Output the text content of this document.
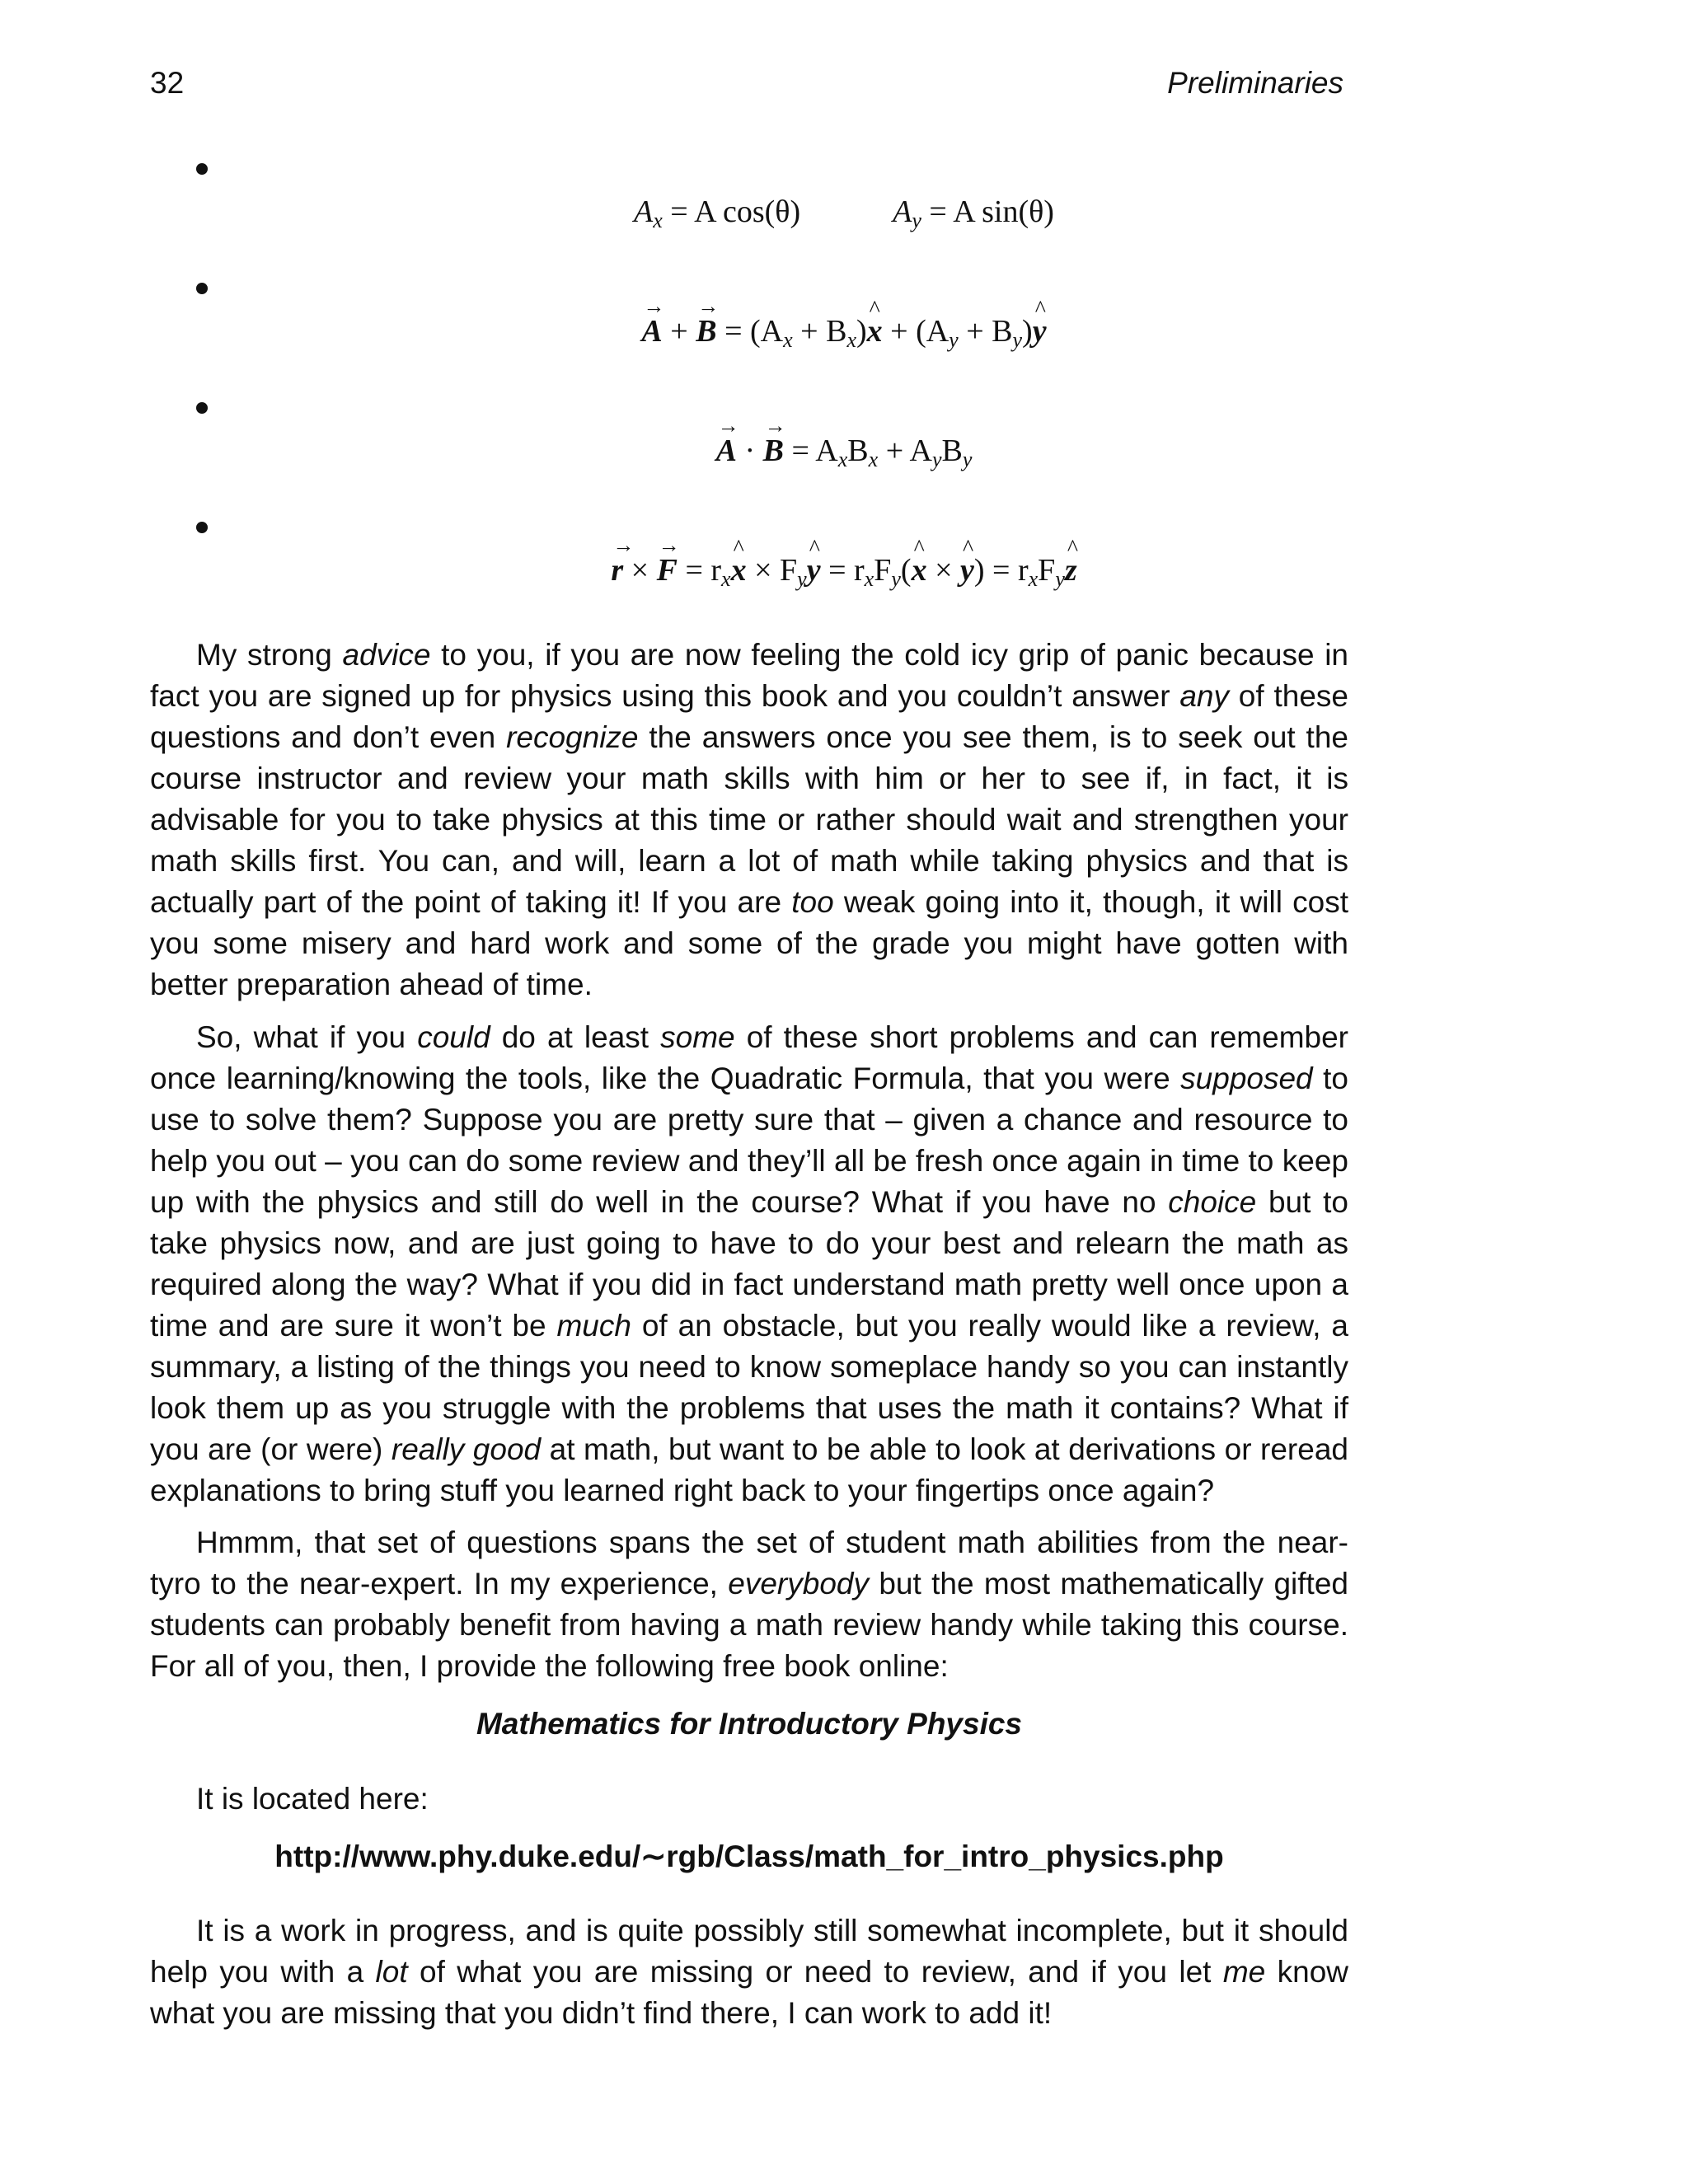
32	Preliminaries
$A_x = A$ cos(θ)	$A_y = A$ sin(θ)
→ A + → $B = (A_x$ + $B_x)\^{}$ $x + (A_y$ + $B_y)\^{}$ y
→ A · → $B = A_xB_x + A_yB_y$
→ r × → $F = r_x\^{}$ $x \times F_y\^{}$ $y = r_xF_y(\^{}$ x × ^ $y) = r_xF_y\^{}$ z

My strong advice to you, if you are now feeling the cold icy grip of panic because in fact you are signed up for physics using this book and you couldn’t answer any of these questions and don’t even recognize the answers once you see them, is to seek out the course instructor and review your math skills with him or her to see if, in fact, it is advisable for you to take physics at this time or rather should wait and strengthen your math skills first. You can, and will, learn a lot of math while taking physics and that is actually part of the point of taking it! If you are too weak going into it, though, it will cost you some misery and hard work and some of the grade you might have gotten with better preparation ahead of time.

So, what if you could do at least some of these short problems and can remember once learning/knowing the tools, like the Quadratic Formula, that you were supposed to use to solve them? Suppose you are pretty sure that – given a chance and resource to help you out – you can do some review and they’ll all be fresh once again in time to keep up with the physics and still do well in the course? What if you have no choice but to take physics now, and are just going to have to do your best and relearn the math as required along the way? What if you did in fact understand math pretty well once upon a time and are sure it won’t be much of an obstacle, but you really would like a review, a summary, a listing of the things you need to know someplace handy so you can instantly look them up as you struggle with the problems that uses the math it contains? What if you are (or were) really good at math, but want to be able to look at derivations or reread explanations to bring stuff you learned right back to your fingertips once again?

Hmmm, that set of questions spans the set of student math abilities from the near-tyro to the near-expert. In my experience, everybody but the most mathematically gifted students can probably benefit from having a math review handy while taking this course. For all of you, then, I provide the following free book online:

Mathematics for Introductory Physics

It is located here:

http://www.phy.duke.edu/∼rgb/Class/math_for_intro_physics.php

It is a work in progress, and is quite possibly still somewhat incomplete, but it should help you with a lot of what you are missing or need to review, and if you let me know what you are missing that you didn’t find there, I can work to add it!
